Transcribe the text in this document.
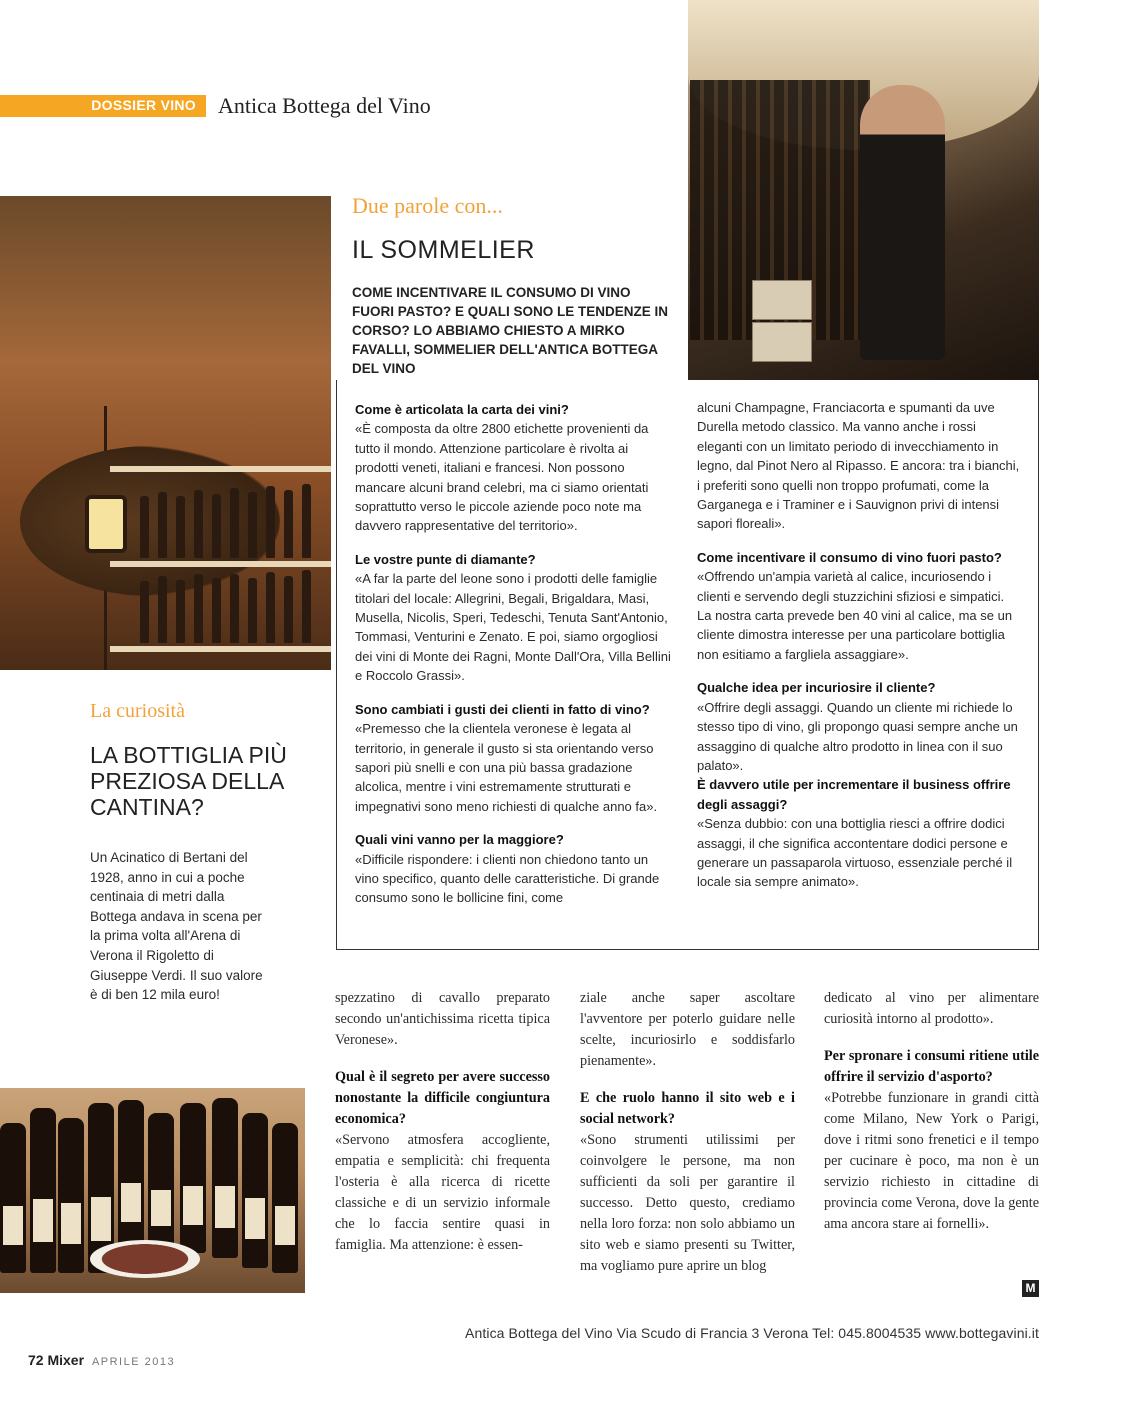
DOSSIER VINO Antica Bottega del Vino
Due parole con...
IL SOMMELIER
COME INCENTIVARE IL CONSUMO DI VINO FUORI PASTO? E QUALI SONO LE TENDENZE IN CORSO? LO ABBIAMO CHIESTO A MIRKO FAVALLI, SOMMELIER DELL'ANTICA BOTTEGA DEL VINO

Come è articolata la carta dei vini?
«È composta da oltre 2800 etichette provenienti da tutto il mondo. Attenzione particolare è rivolta ai prodotti veneti, italiani e francesi. Non possono mancare alcuni brand celebri, ma ci siamo orientati soprattutto verso le piccole aziende poco note ma davvero rappresentative del territorio».

Le vostre punte di diamante?
«A far la parte del leone sono i prodotti delle famiglie titolari del locale: Allegrini, Begali, Brigaldara, Masi, Musella, Nicolis, Speri, Tedeschi, Tenuta Sant'Antonio, Tommasi, Venturini e Zenato. E poi, siamo orgogliosi dei vini di Monte dei Ragni, Monte Dall'Ora, Villa Bellini e Roccolo Grassi».

Sono cambiati i gusti dei clienti in fatto di vino?
«Premesso che la clientela veronese è legata al territorio, in generale il gusto si sta orientando verso sapori più snelli e con una più bassa gradazione alcolica, mentre i vini estremamente strutturati e impegnativi sono meno richiesti di qualche anno fa».

Quali vini vanno per la maggiore?
«Difficile rispondere: i clienti non chiedono tanto un vino specifico, quanto delle caratteristiche. Di grande consumo sono le bollicine fini, come

alcuni Champagne, Franciacorta e spumanti da uve Durella metodo classico. Ma vanno anche i rossi eleganti con un limitato periodo di invecchiamento in legno, dal Pinot Nero al Ripasso. E ancora: tra i bianchi, i preferiti sono quelli non troppo profumati, come la Garganega e i Traminer e i Sauvignon privi di intensi sapori floreali».

Come incentivare il consumo di vino fuori pasto?
«Offrendo un'ampia varietà al calice, incuriosendo i clienti e servendo degli stuzzichini sfiziosi e simpatici. La nostra carta prevede ben 40 vini al calice, ma se un cliente dimostra interesse per una particolare bottiglia non esitiamo a fargliela assaggiare».

Qualche idea per incuriosire il cliente?
«Offrire degli assaggi. Quando un cliente mi richiede lo stesso tipo di vino, gli propongo quasi sempre anche un assaggino di qualche altro prodotto in linea con il suo palato».

È davvero utile per incrementare il business offrire degli assaggi?
«Senza dubbio: con una bottiglia riesci a offrire dodici assaggi, il che significa accontentare dodici persone e generare un passaparola virtuoso, essenziale perché il locale sia sempre animato».

La curiosità
LA BOTTIGLIA PIÙ PREZIOSA DELLA CANTINA?
Un Acinatico di Bertani del 1928, anno in cui a poche centinaia di metri dalla Bottega andava in scena per la prima volta all'Arena di Verona il Rigoletto di Giuseppe Verdi. Il suo valore è di ben 12 mila euro!	spezzatino di cavallo preparato secondo un'antichissima ricetta tipica Veronese».

Qual è il segreto per avere successo nonostante la difficile congiuntura economica?
«Servono atmosfera accogliente, empatia e semplicità: chi frequenta l'osteria è alla ricerca di ricette classiche e di un servizio informale che lo faccia sentire quasi in famiglia. Ma attenzione: è essen-

ziale anche saper ascoltare l'avventore per poterlo guidare nelle scelte, incuriosirlo e soddisfarlo pienamente».

E che ruolo hanno il sito web e i social network?
«Sono strumenti utilissimi per coinvolgere le persone, ma non sufficienti da soli per garantire il successo. Detto questo, crediamo nella loro forza: non solo abbiamo un sito web e siamo presenti su Twitter, ma vogliamo pure aprire un blog

dedicato al vino per alimentare curiosità intorno al prodotto».

Per spronare i consumi ritiene utile offrire il servizio d'asporto?
«Potrebbe funzionare in grandi città come Milano, New York o Parigi, dove i ritmi sono frenetici e il tempo per cucinare è poco, ma non è un servizio richiesto in cittadine di provincia come Verona, dove la gente ama ancora stare ai fornelli».

M
Antica Bottega del Vino Via Scudo di Francia 3 Verona Tel: 045.8004535 www.bottegavini.it
72 Mixer APRILE 2013
